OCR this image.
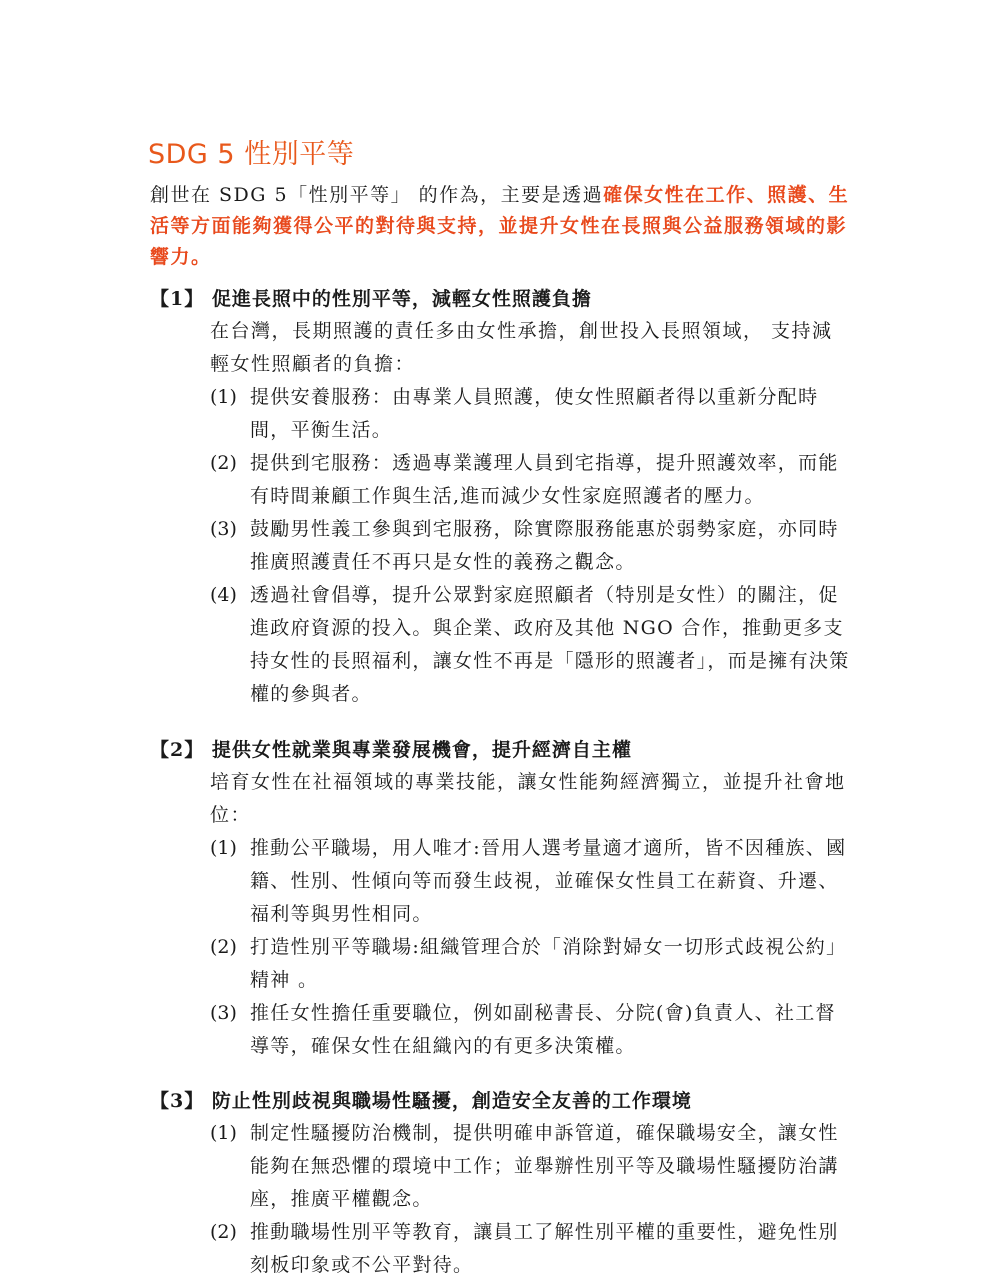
SDG 5 性別平等
創世在 SDG 5「性別平等」 的作為，主要是透過確保女性在工作、照護、生活等方面能夠獲得公平的對待與支持，並提升女性在長照與公益服務領域的影響力。
【1】 促進長照中的性別平等，減輕女性照護負擔
在台灣，長期照護的責任多由女性承擔，創世投入長照領域， 支持減輕女性照顧者的負擔：
(1) 提供安養服務：由專業人員照護，使女性照顧者得以重新分配時間，平衡生活。
(2) 提供到宅服務：透過專業護理人員到宅指導，提升照護效率，而能有時間兼顧工作與生活,進而減少女性家庭照護者的壓力。
(3) 鼓勵男性義工參與到宅服務，除實際服務能惠於弱勢家庭，亦同時推廣照護責任不再只是女性的義務之觀念。
(4) 透過社會倡導，提升公眾對家庭照顧者（特別是女性）的關注，促進政府資源的投入。與企業、政府及其他 NGO 合作，推動更多支持女性的長照福利，讓女性不再是「隱形的照護者」，而是擁有決策權的參與者。
【2】 提供女性就業與專業發展機會，提升經濟自主權
培育女性在社福領域的專業技能，讓女性能夠經濟獨立，並提升社會地位：
(1) 推動公平職場，用人唯才:晉用人選考量適才適所，皆不因種族、國籍、性別、性傾向等而發生歧視，並確保女性員工在薪資、升遷、福利等與男性相同。
(2) 打造性別平等職場:組織管理合於「消除對婦女一切形式歧視公約」精神 。
(3) 推任女性擔任重要職位，例如副秘書長、分院(會)負責人、社工督導等，確保女性在組織內的有更多決策權。
【3】 防止性別歧視與職場性騷擾，創造安全友善的工作環境
(1) 制定性騷擾防治機制，提供明確申訴管道，確保職場安全，讓女性能夠在無恐懼的環境中工作；並舉辦性別平等及職場性騷擾防治講座，推廣平權觀念。
(2) 推動職場性別平等教育，讓員工了解性別平權的重要性，避免性別刻板印象或不公平對待。
